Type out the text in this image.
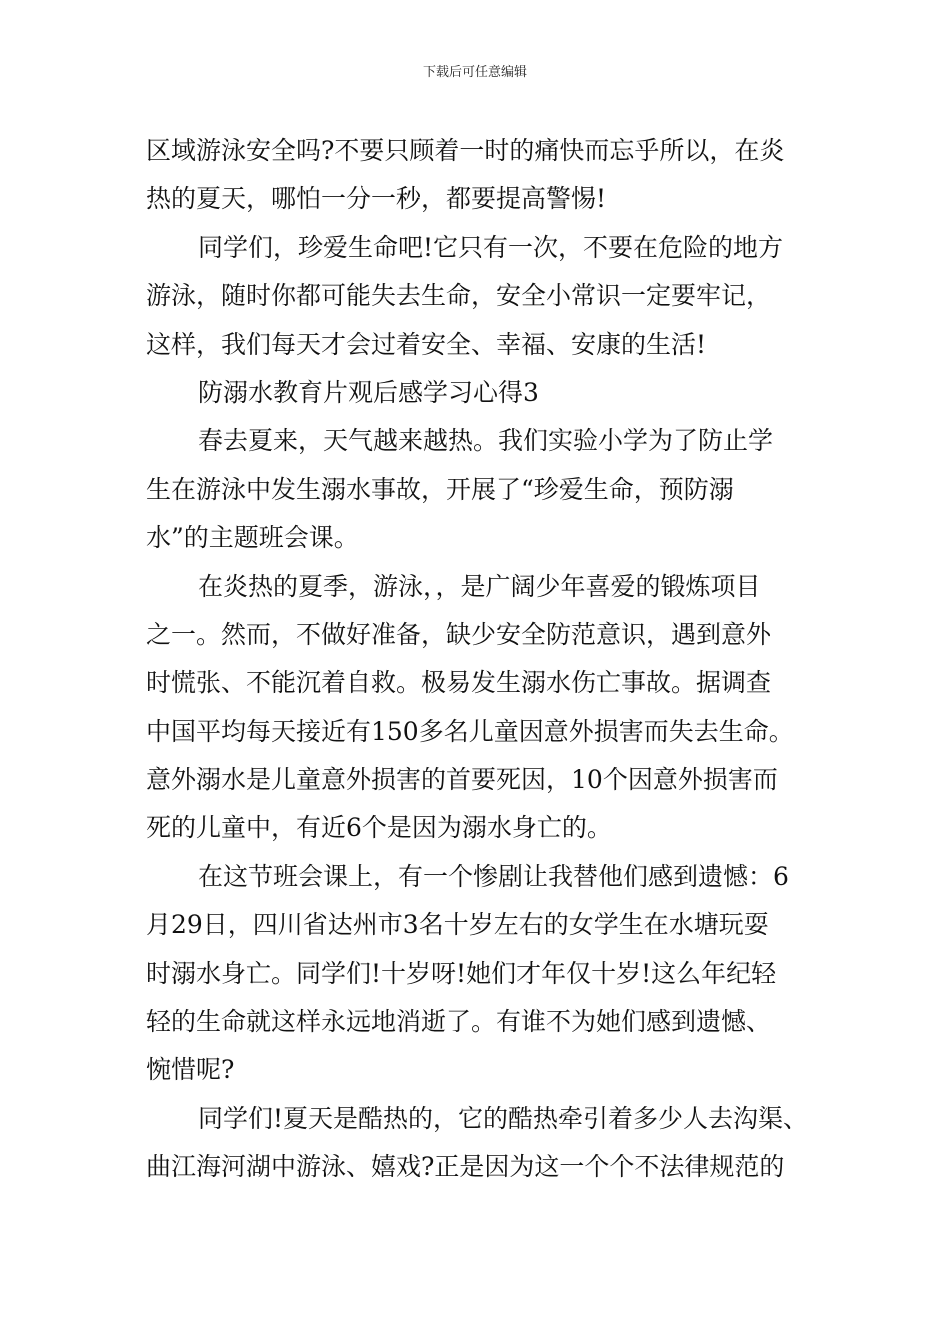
下载后可任意编辑
区域游泳安全吗?不要只顾着一时的痛快而忘乎所以，在炎
热的夏天，哪怕一分一秒，都要提高警惕!
同学们，珍爱生命吧!它只有一次，不要在危险的地方
游泳，随时你都可能失去生命，安全小常识一定要牢记，
这样，我们每天才会过着安全、幸福、安康的生活!
防溺水教育片观后感学习心得3
春去夏来，天气越来越热。我们实验小学为了防止学
生在游泳中发生溺水事故，开展了“珍爱生命，预防溺
水”的主题班会课。
在炎热的夏季，游泳，，是广阔少年喜爱的锻炼项目
之一。然而，不做好准备，缺少安全防范意识，遇到意外
时慌张、不能沉着自救。极易发生溺水伤亡事故。据调查
中国平均每天接近有150多名儿童因意外损害而失去生命。
意外溺水是儿童意外损害的首要死因，10个因意外损害而
死的儿童中，有近6个是因为溺水身亡的。
在这节班会课上，有一个惨剧让我替他们感到遗憾：6
月29日，四川省达州市3名十岁左右的女学生在水塘玩耍
时溺水身亡。同学们!十岁呀!她们才年仅十岁!这么年纪轻
轻的生命就这样永远地消逝了。有谁不为她们感到遗憾、
惋惜呢?
同学们!夏天是酷热的，它的酷热牵引着多少人去沟渠、
曲江海河湖中游泳、嬉戏?正是因为这一个个不法律规范的
